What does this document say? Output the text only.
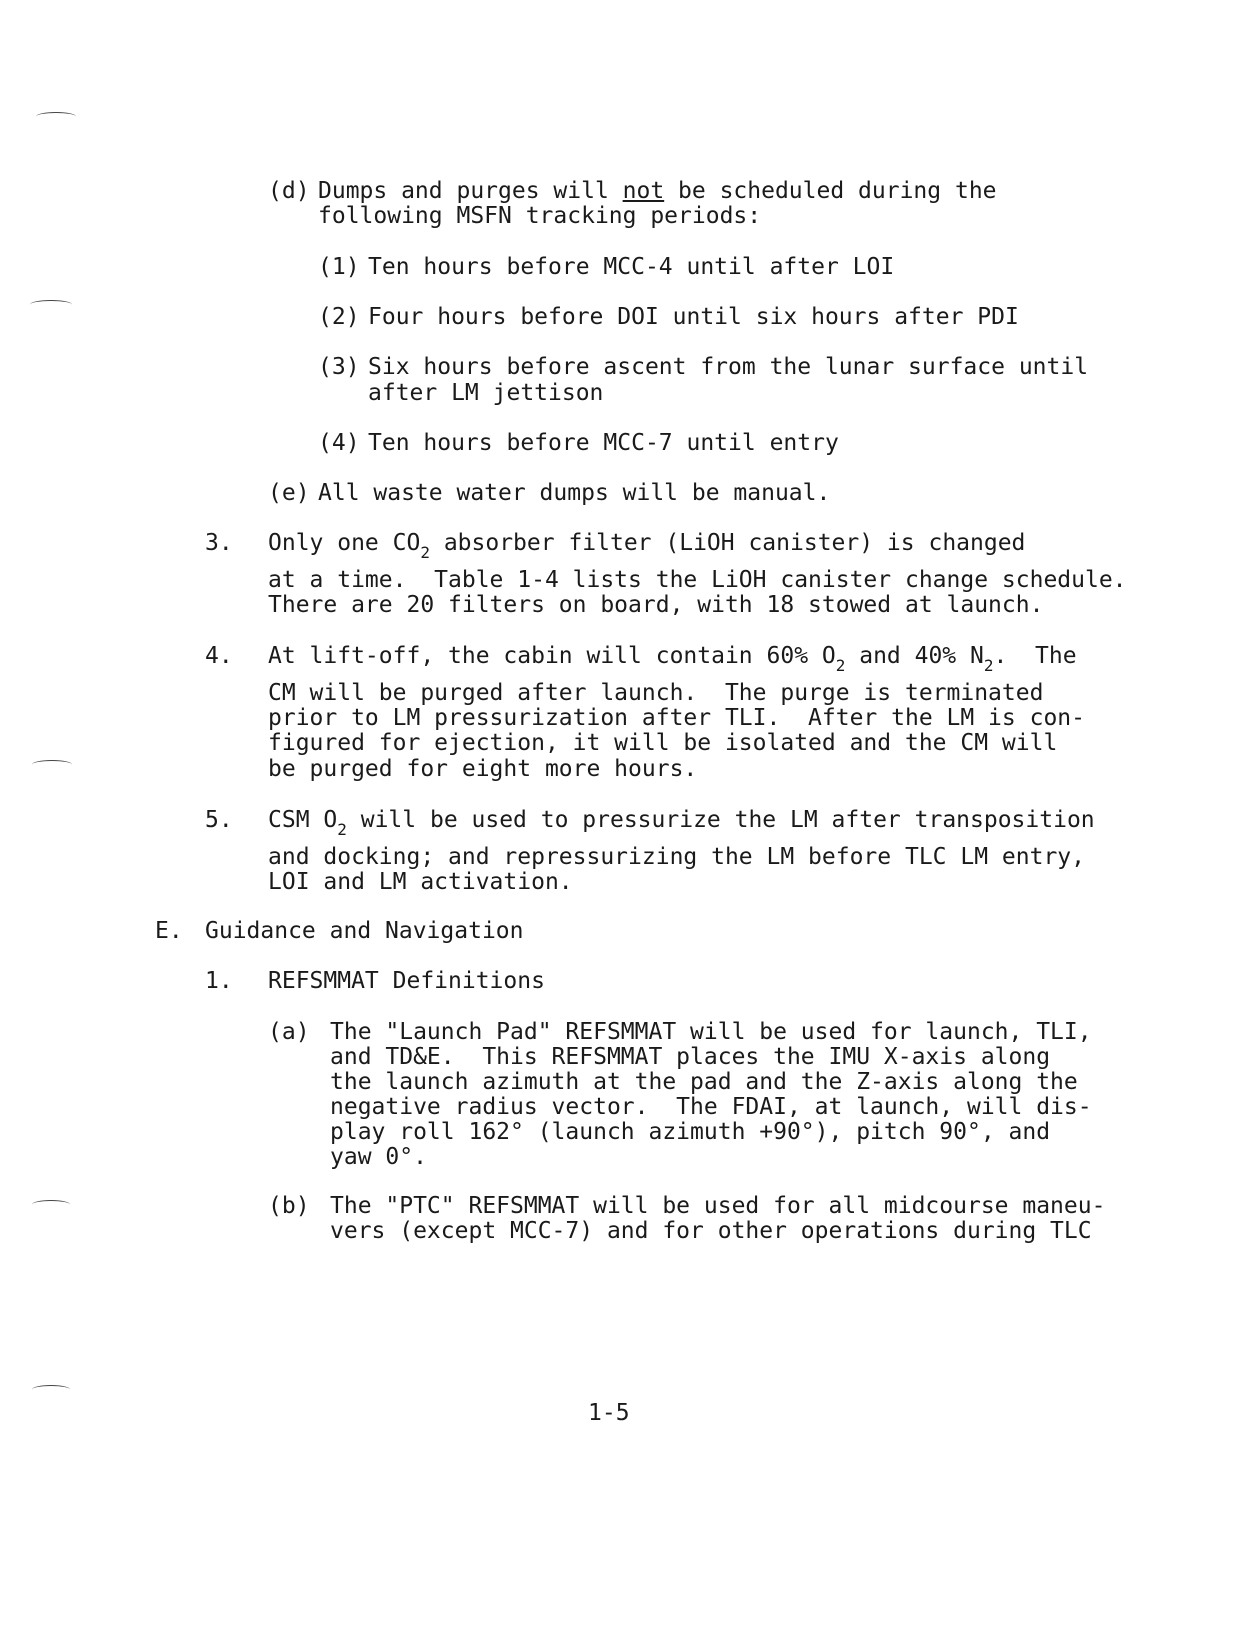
(d) Dumps and purges will not be scheduled during the
following MSFN tracking periods:
(1) Ten hours before MCC-4 until after LOI
(2) Four hours before DOI until six hours after PDI
(3) Six hours before ascent from the lunar surface until
after LM jettison
(4) Ten hours before MCC-7 until entry
(e) All waste water dumps will be manual.
3. Only one $CO_2$ absorber filter (LiOH canister) is changed
at a time.  Table 1-4 lists the LiOH canister change schedule.
There are 20 filters on board, with 18 stowed at launch.
4. At lift-off, the cabin will contain 60% $O_2$ and 40% $N_2$.  The
CM will be purged after launch.  The purge is terminated
prior to LM pressurization after TLI.  After the LM is con-
figured for ejection, it will be isolated and the CM will
be purged for eight more hours.
5. CSM $O_2$ will be used to pressurize the LM after transposition
and docking; and repressurizing the LM before TLC LM entry,
LOI and LM activation.
E. Guidance and Navigation
1. REFSMMAT Definitions
(a) The "Launch Pad" REFSMMAT will be used for launch, TLI,
and TD&E.  This REFSMMAT places the IMU X-axis along
the launch azimuth at the pad and the Z-axis along the
negative radius vector.  The FDAI, at launch, will dis-
play roll 162° (launch azimuth +90°), pitch 90°, and
yaw 0°.
(b) The "PTC" REFSMMAT will be used for all midcourse maneu-
vers (except MCC-7) and for other operations during TLC
1-5
